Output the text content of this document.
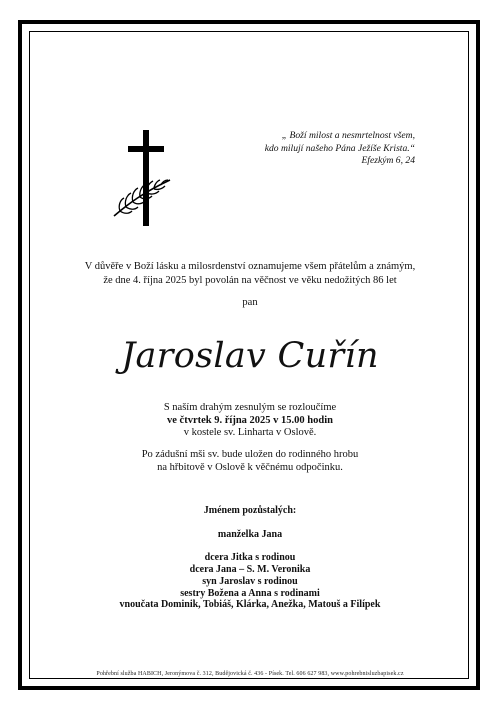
„ Boží milost a nesmrtelnost všem,
kdo milují našeho Pána Ježíše Krista.“
Efezkým 6, 24
V důvěře v Boží lásku a milosrdenství oznamujeme všem přátelům a známým,
že dne 4. října 2025 byl povolán na věčnost ve věku nedožitých 86 let
pan
Jaroslav Cuřín
S naším drahým zesnulým se rozloučíme
ve čtvrtek 9. října 2025 v 15.00 hodin
v kostele sv. Linharta v Oslově.
Po zádušní mši sv. bude uložen do rodinného hrobu
na hřbitově v Oslově k věčnému odpočinku.
Jménem pozůstalých:
manželka Jana
dcera Jitka s rodinou
dcera Jana – S. M. Veronika
syn Jaroslav s rodinou
sestry Božena a Anna s rodinami
vnoučata Dominik, Tobiáš, Klárka, Anežka, Matouš a Filípek
Pohřební služba HABICH, Jeronýmova č. 312, Budějovická č. 436 - Písek. Tel. 606 627 983, www.pohrebnisluzbapisek.cz
